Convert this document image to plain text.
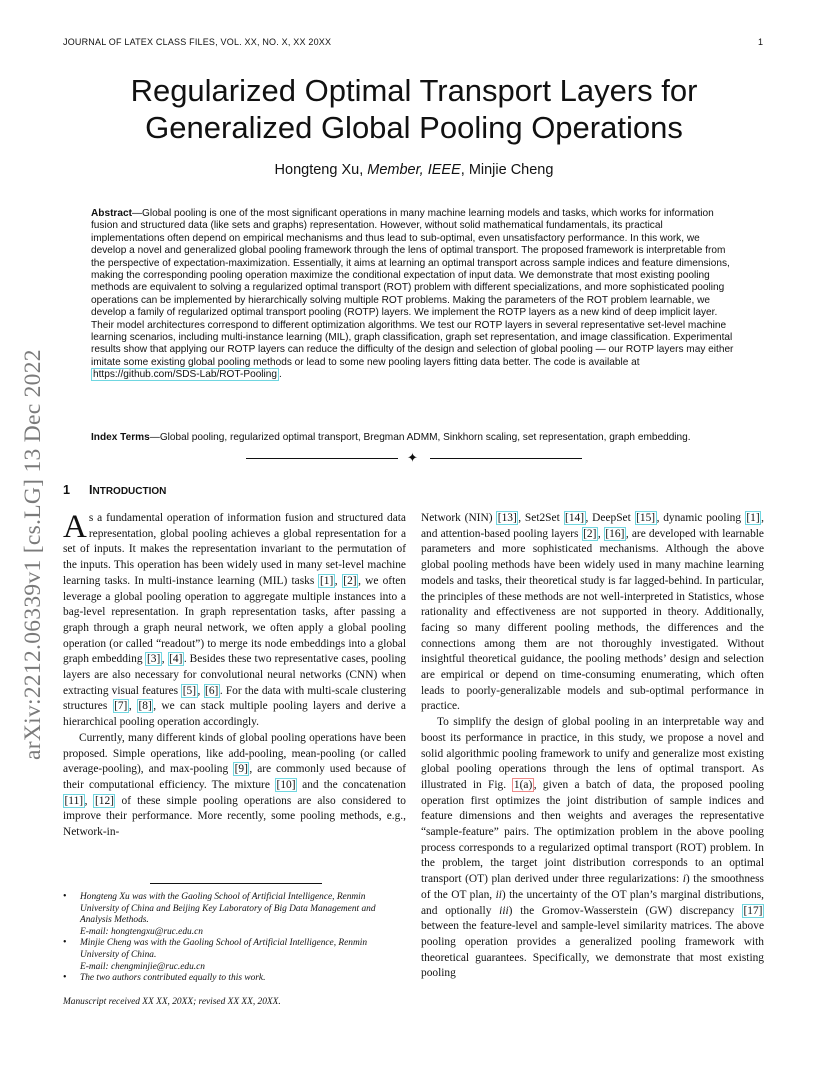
JOURNAL OF LATEX CLASS FILES, VOL. XX, NO. X, XX 20XX	1
Regularized Optimal Transport Layers for
Generalized Global Pooling Operations
Hongteng Xu, Member, IEEE, Minjie Cheng
Abstract—Global pooling is one of the most significant operations in many machine learning models and tasks, which works for information fusion and structured data (like sets and graphs) representation. However, without solid mathematical fundamentals, its practical implementations often depend on empirical mechanisms and thus lead to sub-optimal, even unsatisfactory performance. In this work, we develop a novel and generalized global pooling framework through the lens of optimal transport. The proposed framework is interpretable from the perspective of expectation-maximization. Essentially, it aims at learning an optimal transport across sample indices and feature dimensions, making the corresponding pooling operation maximize the conditional expectation of input data. We demonstrate that most existing pooling methods are equivalent to solving a regularized optimal transport (ROT) problem with different specializations, and more sophisticated pooling operations can be implemented by hierarchically solving multiple ROT problems. Making the parameters of the ROT problem learnable, we develop a family of regularized optimal transport pooling (ROTP) layers. We implement the ROTP layers as a new kind of deep implicit layer. Their model architectures correspond to different optimization algorithms. We test our ROTP layers in several representative set-level machine learning scenarios, including multi-instance learning (MIL), graph classification, graph set representation, and image classification. Experimental results show that applying our ROTP layers can reduce the difficulty of the design and selection of global pooling — our ROTP layers may either imitate some existing global pooling methods or lead to some new pooling layers fitting data better. The code is available at https://github.com/SDS-Lab/ROT-Pooling .
Index Terms—Global pooling, regularized optimal transport, Bregman ADMM, Sinkhorn scaling, set representation, graph embedding.
✦
arXiv:2212.06339v1 [cs.LG] 13 Dec 2022 1 INTRODUCTION

As a fundamental operation of information fusion and structured data representation, global pooling achieves a global representation for a set of inputs. It makes the representation invariant to the permutation of the inputs. This operation has been widely used in many set-level machine learning tasks. In multi-instance learning (MIL) tasks [1] , [2] , we often leverage a global pooling operation to aggregate multiple instances into a bag-level representation. In graph representation tasks, after passing a graph through a graph neural network, we often apply a global pooling operation (or called “readout”) to merge its node embeddings into a global graph embedding [3] , [4] . Besides these two representative cases, pooling layers are also necessary for convolutional neural networks (CNN) when extracting visual features [5] , [6] . For the data with multi-scale clustering structures [7] , [8] , we can stack multiple pooling layers and derive a hierarchical pooling operation accordingly.

Currently, many different kinds of global pooling operations have been proposed. Simple operations, like add-pooling, mean-pooling (or called average-pooling), and max-pooling [9] , are commonly used because of their computational efficiency. The mixture [10] and the concatenation [11] , [12] of these simple pooling operations are also considered to improve their performance. More recently, some pooling methods, e.g., Network-in-

• Hongteng Xu was with the Gaoling School of Artificial Intelligence, Renmin University of China and Beijing Key Laboratory of Big Data Management and Analysis Methods.
E-mail: hongtengxu@ruc.edu.cn
• Minjie Cheng was with the Gaoling School of Artificial Intelligence, Renmin University of China.
E-mail: chengminjie@ruc.edu.cn
• The two authors contributed equally to this work.
Manuscript received XX XX, 20XX; revised XX XX, 20XX.

Network (NIN) [13] , Set2Set [14] , DeepSet [15] , dynamic pooling [1] , and attention-based pooling layers [2] , [16] , are developed with learnable parameters and more sophisticated mechanisms. Although the above global pooling methods have been widely used in many machine learning models and tasks, their theoretical study is far lagged-behind. In particular, the principles of these methods are not well-interpreted in Statistics, whose rationality and effectiveness are not supported in theory. Additionally, facing so many different pooling methods, the differences and the connections among them are not thoroughly investigated. Without insightful theoretical guidance, the pooling methods’ design and selection are empirical or depend on time-consuming enumerating, which often leads to poorly-generalizable models and sub-optimal performance in practice.

To simplify the design of global pooling in an interpretable way and boost its performance in practice, in this study, we propose a novel and solid algorithmic pooling framework to unify and generalize most existing global pooling operations through the lens of optimal transport. As illustrated in Fig. 1(a) , given a batch of data, the proposed pooling operation first optimizes the joint distribution of sample indices and feature dimensions and then weights and averages the representative “sample-feature” pairs. The optimization problem in the above pooling process corresponds to a regularized optimal transport (ROT) problem. In the problem, the target joint distribution corresponds to an optimal transport (OT) plan derived under three regularizations: i) the smoothness of the OT plan, ii) the uncertainty of the OT plan’s marginal distributions, and optionally iii) the Gromov-Wasserstein (GW) discrepancy [17] between the feature-level and sample-level similarity matrices. The above pooling operation provides a generalized pooling framework with theoretical guarantees. Specifically, we demonstrate that most existing pooling
